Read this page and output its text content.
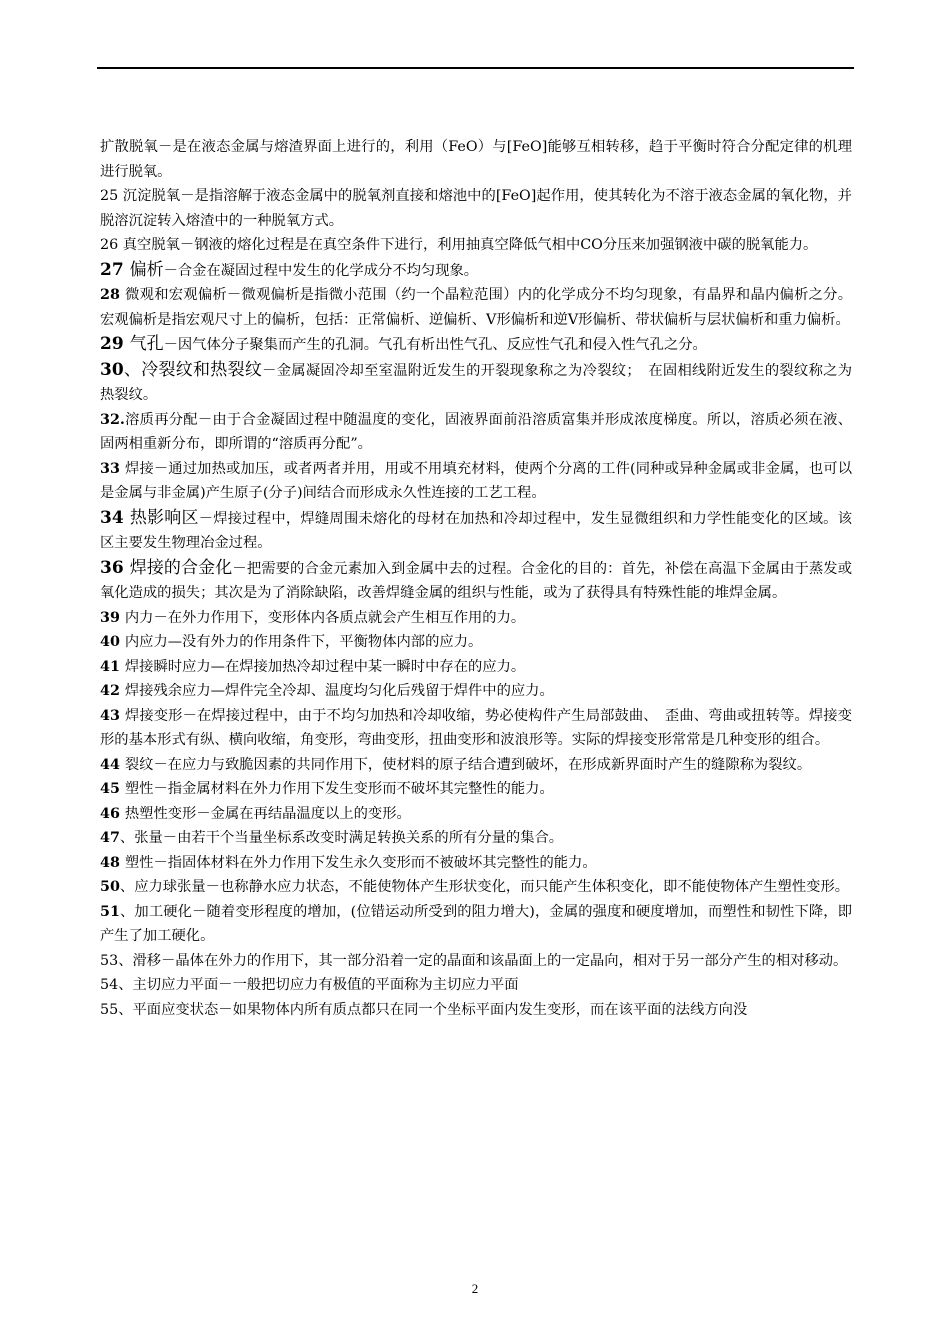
扩散脱氧－是在液态金属与熔渣界面上进行的，利用（FeO）与[FeO]能够互相转移，趋于平衡时符合分配定律的机理进行脱氧。

25 沉淀脱氧－是指溶解于液态金属中的脱氧剂直接和熔池中的[FeO]起作用，使其转化为不溶于液态金属的氧化物，并脱溶沉淀转入熔渣中的一种脱氧方式。

26 真空脱氧－钢液的熔化过程是在真空条件下进行，利用抽真空降低气相中CO分压来加强钢液中碳的脱氧能力。

27 偏析－合金在凝固过程中发生的化学成分不均匀现象。

28 微观和宏观偏析－微观偏析是指微小范围（约一个晶粒范围）内的化学成分不均匀现象，有晶界和晶内偏析之分。宏观偏析是指宏观尺寸上的偏析，包括：正常偏析、逆偏析、V形偏析和逆V形偏析、带状偏析与层状偏析和重力偏析。

29 气孔－因气体分子聚集而产生的孔洞。气孔有析出性气孔、反应性气孔和侵入性气孔之分。

30、冷裂纹和热裂纹－金属凝固冷却至室温附近发生的开裂现象称之为冷裂纹；　在固相线附近发生的裂纹称之为热裂纹。

32.溶质再分配－由于合金凝固过程中随温度的变化，固液界面前沿溶质富集并形成浓度梯度。所以，溶质必须在液、固两相重新分布，即所谓的“溶质再分配”。

33 焊接－通过加热或加压，或者两者并用，用或不用填充材料，使两个分离的工件(同种或异种金属或非金属，也可以是金属与非金属)产生原子(分子)间结合而形成永久性连接的工艺工程。

34 热影响区－焊接过程中，焊缝周围未熔化的母材在加热和冷却过程中，发生显微组织和力学性能变化的区域。该区主要发生物理冶金过程。

36 焊接的合金化－把需要的合金元素加入到金属中去的过程。合金化的目的：首先，补偿在高温下金属由于蒸发或氧化造成的损失；其次是为了消除缺陷，改善焊缝金属的组织与性能，或为了获得具有特殊性能的堆焊金属。

39 内力－在外力作用下，变形体内各质点就会产生相互作用的力。

40 内应力—没有外力的作用条件下，平衡物体内部的应力。

41 焊接瞬时应力—在焊接加热冷却过程中某一瞬时中存在的应力。

42 焊接残余应力—焊件完全冷却、温度均匀化后残留于焊件中的应力。

43 焊接变形－在焊接过程中，由于不均匀加热和冷却收缩，势必使构件产生局部鼓曲、　歪曲、弯曲或扭转等。焊接变形的基本形式有纵、横向收缩，角变形，弯曲变形，扭曲变形和波浪形等。实际的焊接变形常常是几种变形的组合。

44 裂纹－在应力与致脆因素的共同作用下，使材料的原子结合遭到破坏，在形成新界面时产生的缝隙称为裂纹。

45 塑性－指金属材料在外力作用下发生变形而不破坏其完整性的能力。

46 热塑性变形－金属在再结晶温度以上的变形。

47、张量－由若干个当量坐标系改变时满足转换关系的所有分量的集合。

48 塑性－指固体材料在外力作用下发生永久变形而不被破坏其完整性的能力。

50、应力球张量－也称静水应力状态，不能使物体产生形状变化，而只能产生体积变化，即不能使物体产生塑性变形。

51、加工硬化－随着变形程度的增加，(位错运动所受到的阻力增大)，金属的强度和硬度增加，而塑性和韧性下降，即产生了加工硬化。

53、滑移－晶体在外力的作用下，其一部分沿着一定的晶面和该晶面上的一定晶向，相对于另一部分产生的相对移动。

54、主切应力平面－一般把切应力有极值的平面称为主切应力平面

55、平面应变状态－如果物体内所有质点都只在同一个坐标平面内发生变形，而在该平面的法线方向没

2
